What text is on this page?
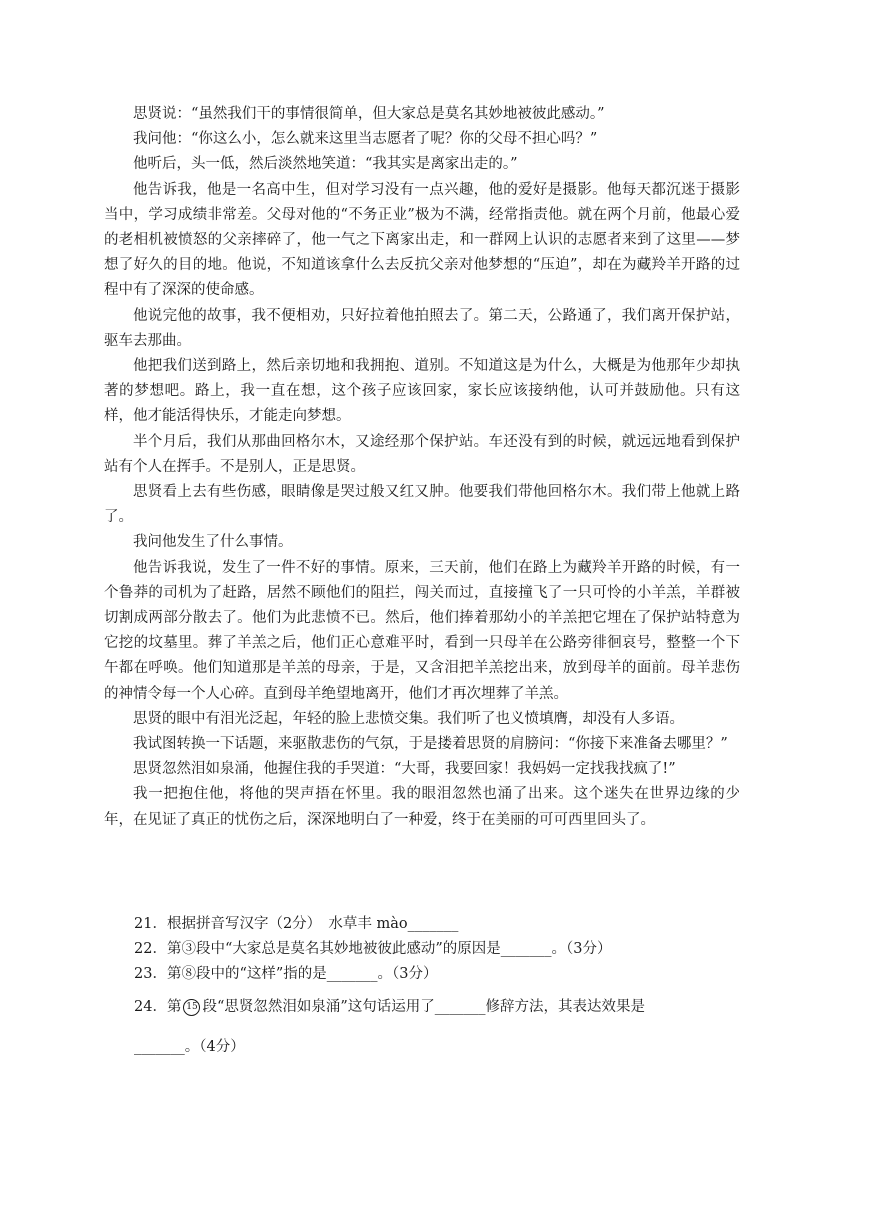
思贤说：“虽然我们干的事情很简单，但大家总是莫名其妙地被彼此感动。”

我问他：“你这么小，怎么就来这里当志愿者了呢？你的父母不担心吗？”

他听后，头一低，然后淡然地笑道：“我其实是离家出走的。”

他告诉我，他是一名高中生，但对学习没有一点兴趣，他的爱好是摄影。他每天都沉迷于摄影当中，学习成绩非常差。父母对他的“不务正业”极为不满，经常指责他。就在两个月前，他最心爱的老相机被愤怒的父亲摔碎了，他一气之下离家出走，和一群网上认识的志愿者来到了这里——梦想了好久的目的地。他说，不知道该拿什么去反抗父亲对他梦想的“压迫”，却在为藏羚羊开路的过程中有了深深的使命感。

他说完他的故事，我不便相劝，只好拉着他拍照去了。第二天，公路通了，我们离开保护站，驱车去那曲。

他把我们送到路上，然后亲切地和我拥抱、道别。不知道这是为什么，大概是为他那年少却执著的梦想吧。路上，我一直在想，这个孩子应该回家，家长应该接纳他，认可并鼓励他。只有这样，他才能活得快乐，才能走向梦想。

半个月后，我们从那曲回格尔木，又途经那个保护站。车还没有到的时候，就远远地看到保护站有个人在挥手。不是别人，正是思贤。

思贤看上去有些伤感，眼睛像是哭过般又红又肿。他要我们带他回格尔木。我们带上他就上路了。

我问他发生了什么事情。

他告诉我说，发生了一件不好的事情。原来，三天前，他们在路上为藏羚羊开路的时候，有一个鲁莽的司机为了赶路，居然不顾他们的阻拦，闯关而过，直接撞飞了一只可怜的小羊羔，羊群被切割成两部分散去了。他们为此悲愤不已。然后，他们捧着那幼小的羊羔把它埋在了保护站特意为它挖的坟墓里。葬了羊羔之后，他们正心意难平时，看到一只母羊在公路旁徘徊哀号，整整一个下午都在呼唤。他们知道那是羊羔的母亲，于是，又含泪把羊羔挖出来，放到母羊的面前。母羊悲伤的神情令每一个人心碎。直到母羊绝望地离开，他们才再次埋葬了羊羔。

思贤的眼中有泪光泛起，年轻的脸上悲愤交集。我们听了也义愤填膺，却没有人多语。

我试图转换一下话题，来驱散悲伤的气氛，于是搂着思贤的肩膀问：“你接下来准备去哪里？”

思贤忽然泪如泉涌，他握住我的手哭道：“大哥，我要回家！我妈妈一定找我找疯了!”

我一把抱住他，将他的哭声捂在怀里。我的眼泪忽然也涌了出来。这个迷失在世界边缘的少年，在见证了真正的忧伤之后，深深地明白了一种爱，终于在美丽的可可西里回头了。

21．根据拼音写汉字（2分）　水草丰 mào_______

22．第③段中“大家总是莫名其妙地被彼此感动”的原因是_______。（3分）

23．第⑧段中的“这样”指的是_______。（3分）

24．第 15 段“思贤忽然泪如泉涌”这句话运用了_______修辞方法，其表达效果是

_______。（4分）
